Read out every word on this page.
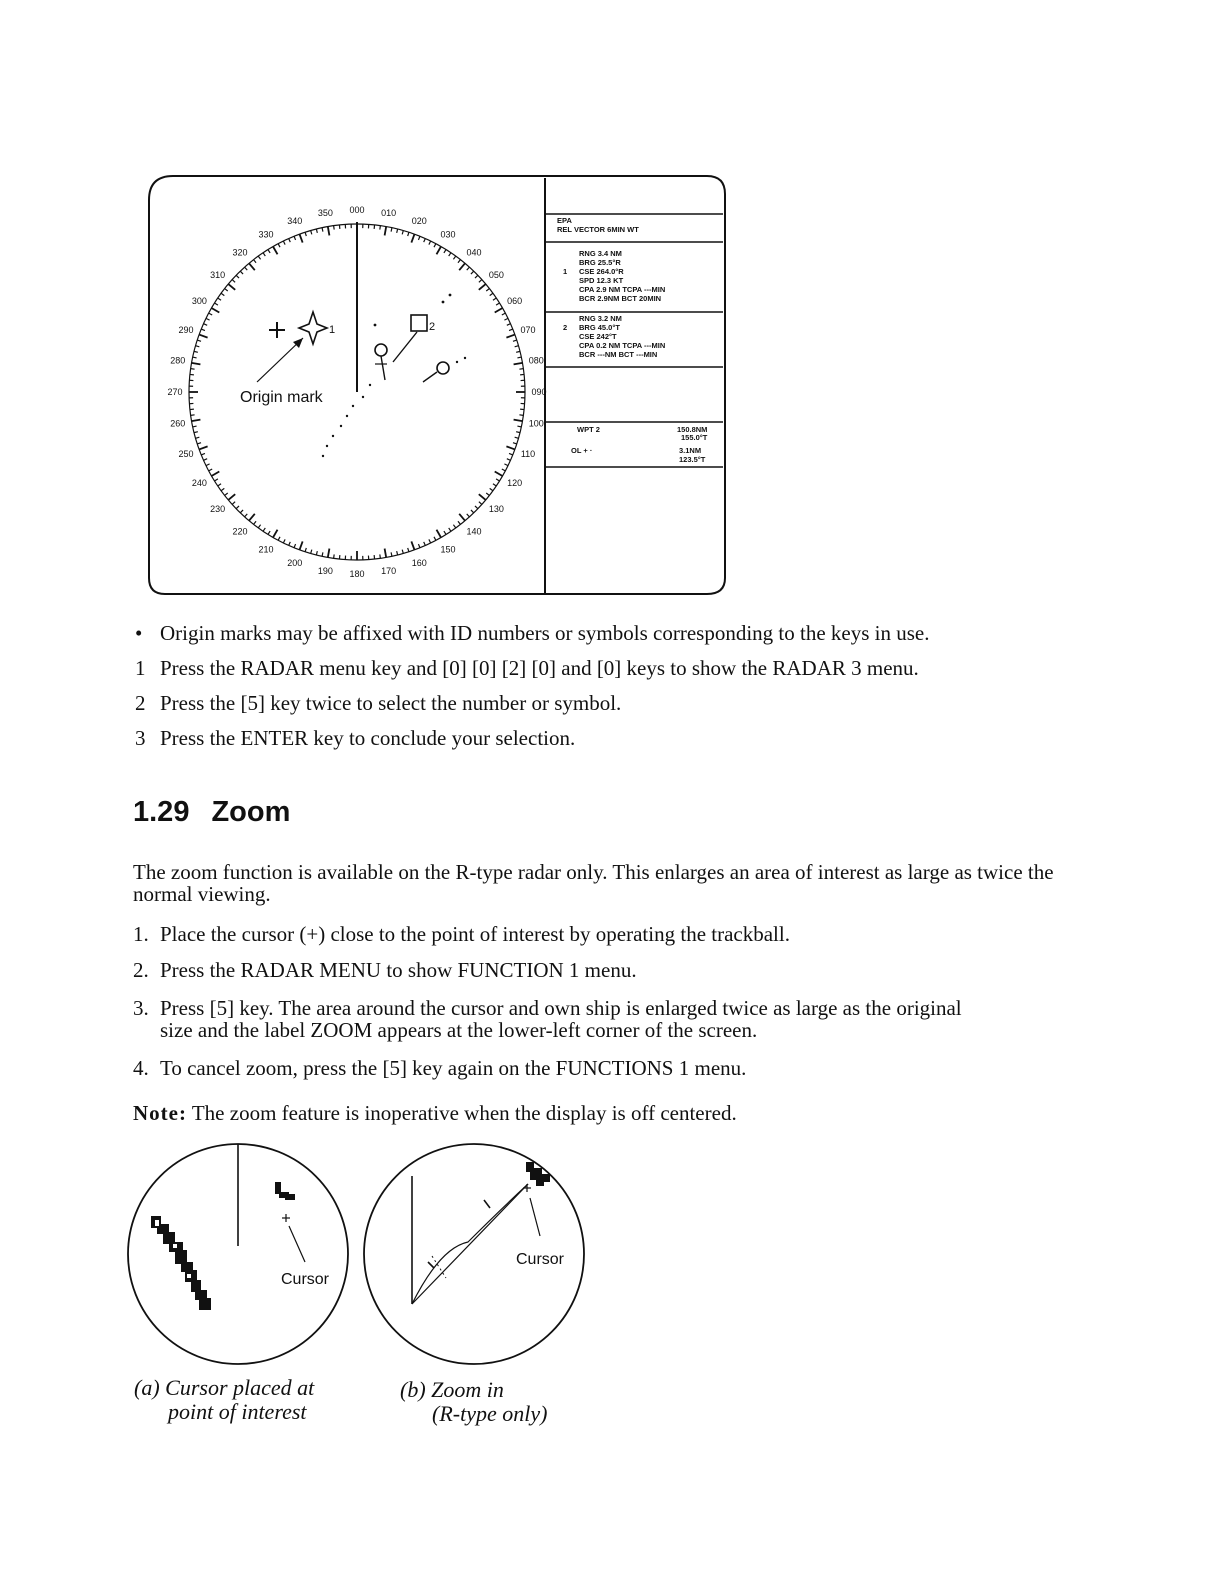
EPA
REL VECTOR 6MIN WT
1
RNG 3.4 NM
BRG 25.5°R
CSE 264.0°R
SPD 12.3 KT
CPA 2.9 NM TCPA ---MIN
BCR 2.9NM BCT 20MIN
2
RNG 3.2 NM
BRG 45.0°T
CSE 242°T
CPA 0.2 NM TCPA ---MIN
BCR ---NM BCT ---MIN
WPT 2	150.8NM
155.0°T
OL + ·	3.1NM
123.5°T
000 010
020
030
040
050
060
070
080
090
100
110
120
130
140
150
160
170
180
190
200
210
220
230
240
250
260
270
280
290
300
310
320
330
340
350
1
Origin mark
2
• Origin marks may be affixed with ID numbers or symbols corresponding to the keys in use.
1 Press the RADAR menu key and [0] [0] [2] [0] and [0] keys to show the RADAR 3 menu.
2 Press the [5] key twice to select the number or symbol.
3 Press the ENTER key to conclude your selection.
1.29 Zoom
The zoom function is available on the R-type radar only. This enlarges an area of interest as large as twice the normal viewing.
1. Place the cursor (+) close to the point of interest by operating the trackball.
2. Press the RADAR MENU to show FUNCTION 1 menu.
3. Press [5] key. The area around the cursor and own ship is enlarged twice as large as the original
size and the label ZOOM appears at the lower-left corner of the screen.
4. To cancel zoom, press the [5] key again on the FUNCTIONS 1 menu.
Note: The zoom feature is inoperative when the display is off centered.
Cursor
Cursor
(a) Cursor placed at
point of interest
(b) Zoom in
(R-type only)
